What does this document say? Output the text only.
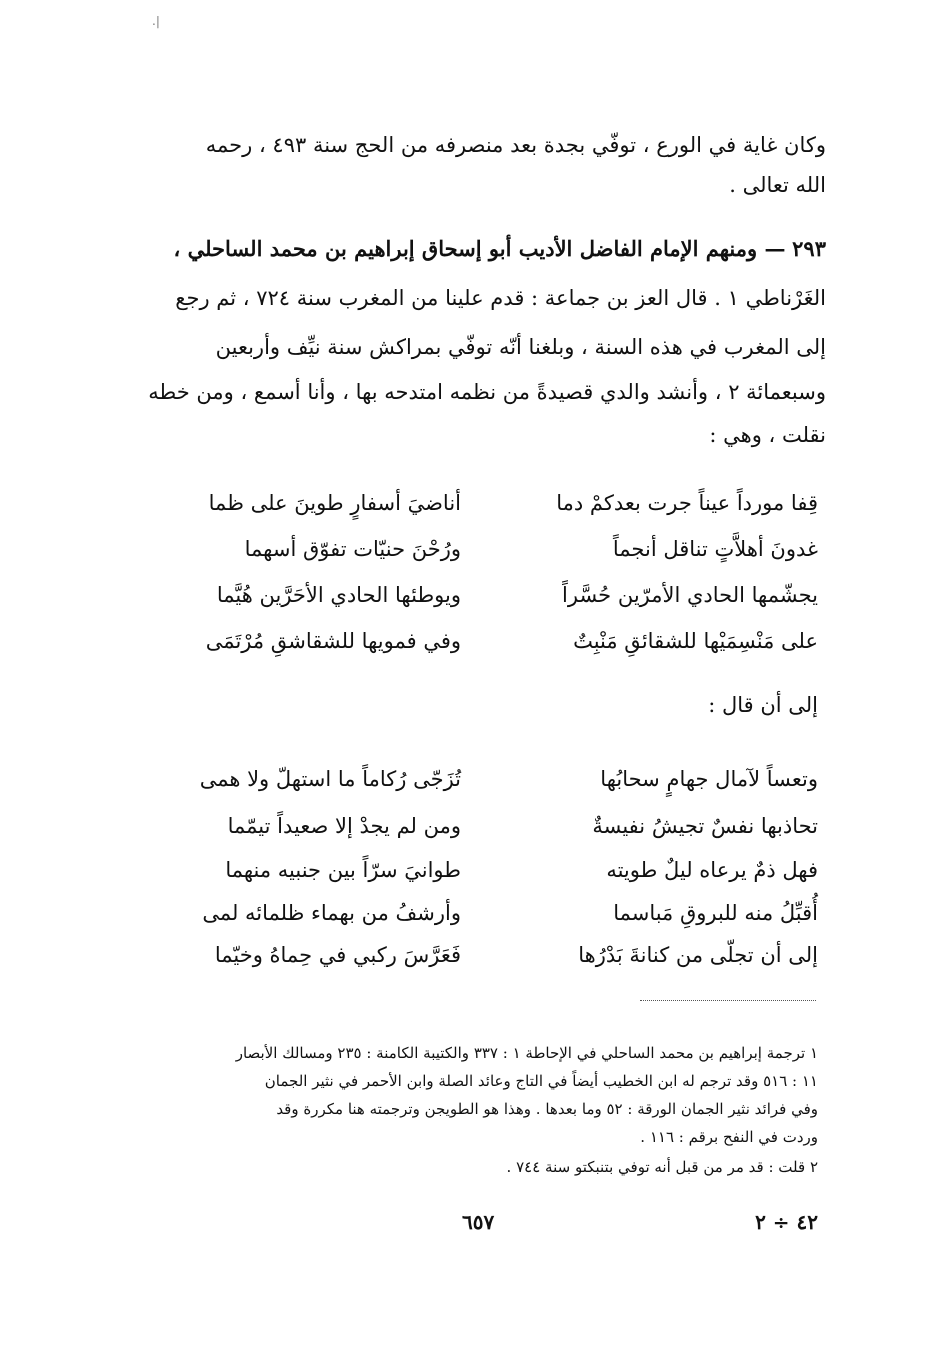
.|
وكان غاية في الورع ، توفّي بجدة بعد منصرفه من الحج سنة ٤٩٣ ، رحمه
الله تعالى .
٢٩٣ — ومنهم الإمام الفاضل الأديب أبو إسحاق إبراهيم بن محمد الساحلي ،
الغَرْناطي ١ . قال العز بن جماعة : قدم علينا من المغرب سنة ٧٢٤ ، ثم رجع
إلى المغرب في هذه السنة ، وبلغنا أنّه توفّي بمراكش سنة نيِّف وأربعين
وسبعمائة ٢ ، وأنشد والدي قصيدةً من نظمه امتدحه بها ، وأنا أسمع ، ومن خطه
نقلت ، وهي :
قِفا مورداً عيناً جرت بعدكمْ دما
أناضيَ أسفارٍ طوينَ على ظما
غدونَ أهلاَّتٍ تناقل أنجماً
ورُحْنَ حنيّات تفوّق أسهما
يجشّمها الحادي الأمرّين حُسَّراً
ويوطئها الحادي الأحَرَّين هُيَّما
على مَنْسِمَيْها للشقائقِ مَنْبِتٌ
وفي فمويها للشقاشقِ مُرْتَمَى
إلى أن قال :
وتعساً لآمال جهامٍ سحابُها
تُزَجّى رُكاماً ما استهلّ ولا همى
تحاذبها نفسٌ تجيشُ نفيسةٌ
ومن لم يجدْ إلا صعيداً تيمّما
فهل ذمٌ يرعاه ليلٌ طويته
طوانيَ سرّاً بين جنبيه منهما
أُقبِّلُ منه للبروقِ مَباسما
وأرشفُ من بهماء ظلمائه لمى
إلى أن تجلّى من كنانةَ بَدْرُها
فَعَرَّسَ ركبي في حِماهُ وخيّما
١ ترجمة إبراهيم بن محمد الساحلي في الإحاطة ١ : ٣٣٧ والكتيبة الكامنة : ٢٣٥ ومسالك الأبصار
١١ : ٥١٦ وقد ترجم له ابن الخطيب أيضاً في التاج وعائد الصلة وابن الأحمر في نثير الجمان
وفي فرائد نثير الجمان الورقة : ٥٢ وما بعدها . وهذا هو الطويجن وترجمته هنا مكررة وقد
وردت في النفح برقم : ١١٦ .
٢ قلت : قد مر من قبل أنه توفي بتنبكتو سنة ٧٤٤ .
٦٥٧	٤٢ ÷ ٢
